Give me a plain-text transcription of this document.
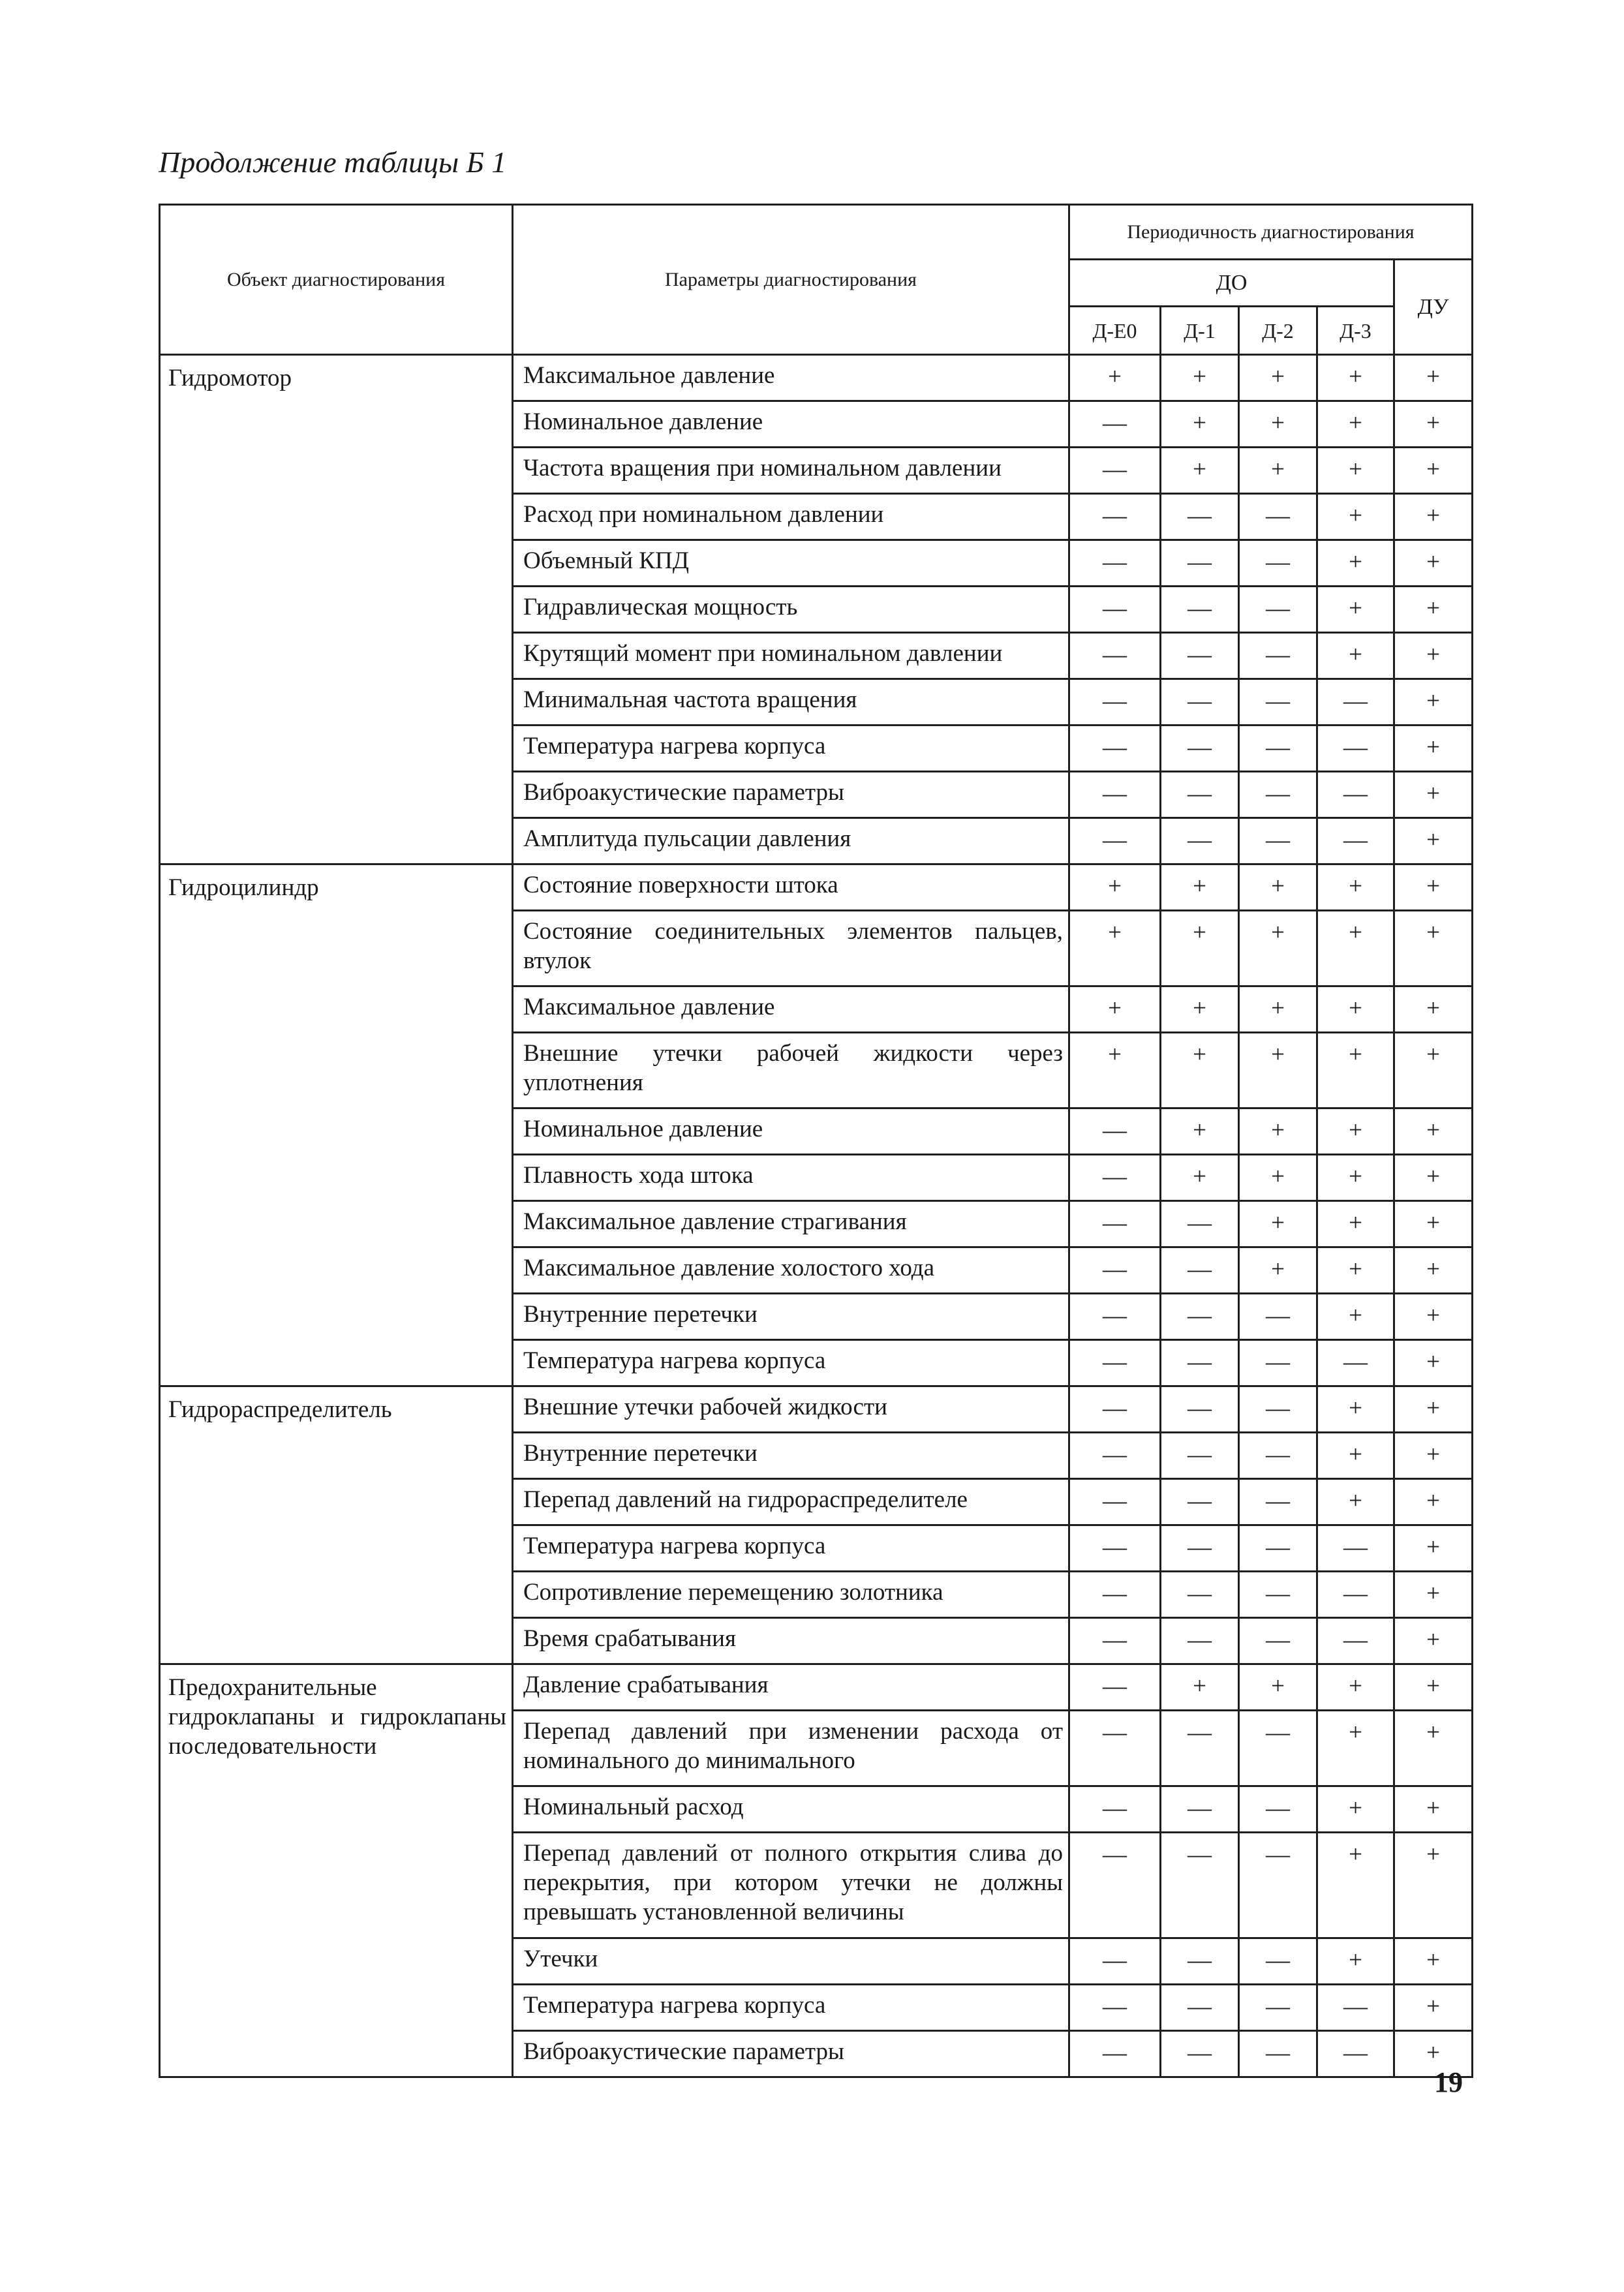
Продолжение таблицы Б 1
Объект диагностирования	Параметры диагностирования	Периодичность диагностирования				
		ДО				ДУ
		Д-Е0	Д-1	Д-2	Д-3	
Гидромотор	Максимальное давление	+	+	+	+	+
	Номинальное давление	—	+	+	+	+
	Частота вращения при номинальном давлении	—	+	+	+	+
	Расход при номинальном давлении	—	—	—	+	+
	Объемный КПД	—	—	—	+	+
	Гидравлическая мощность	—	—	—	+	+
	Крутящий момент при номинальном давлении	—	—	—	+	+
	Минимальная частота вращения	—	—	—	—	+
	Температура нагрева корпуса	—	—	—	—	+
	Виброакустические параметры	—	—	—	—	+
	Амплитуда пульсации давления	—	—	—	—	+
Гидроцилиндр	Состояние поверхности штока	+	+	+	+	+
	Состояние соединительных элементов пальцев, втулок	+	+	+	+	+
	Максимальное давление	+	+	+	+	+
	Внешние утечки рабочей жидкости через уплотнения	+	+	+	+	+
	Номинальное давление	—	+	+	+	+
	Плавность хода штока	—	+	+	+	+
	Максимальное давление страгивания	—	—	+	+	+
	Максимальное давление холостого хода	—	—	+	+	+
	Внутренние перетечки	—	—	—	+	+
	Температура нагрева корпуса	—	—	—	—	+
Гидрораспределитель	Внешние утечки рабочей жидкости	—	—	—	+	+
	Внутренние перетечки	—	—	—	+	+
	Перепад давлений на гидрораспределителе	—	—	—	+	+
	Температура нагрева корпуса	—	—	—	—	+
	Сопротивление перемещению золотника	—	—	—	—	+
	Время срабатывания	—	—	—	—	+
Предохранительные гидроклапаны и гидроклапаны последовательности	Давление срабатывания	—	+	+	+	+
	Перепад давлений при изменении расхода от номинального до минимального	—	—	—	+	+
	Номинальный расход	—	—	—	+	+
	Перепад давлений от полного открытия слива до перекрытия, при котором утечки не должны превышать установленной величины	—	—	—	+	+
	Утечки	—	—	—	+	+
	Температура нагрева корпуса	—	—	—	—	+
	Виброакустические параметры	—	—	—	—	+
19
